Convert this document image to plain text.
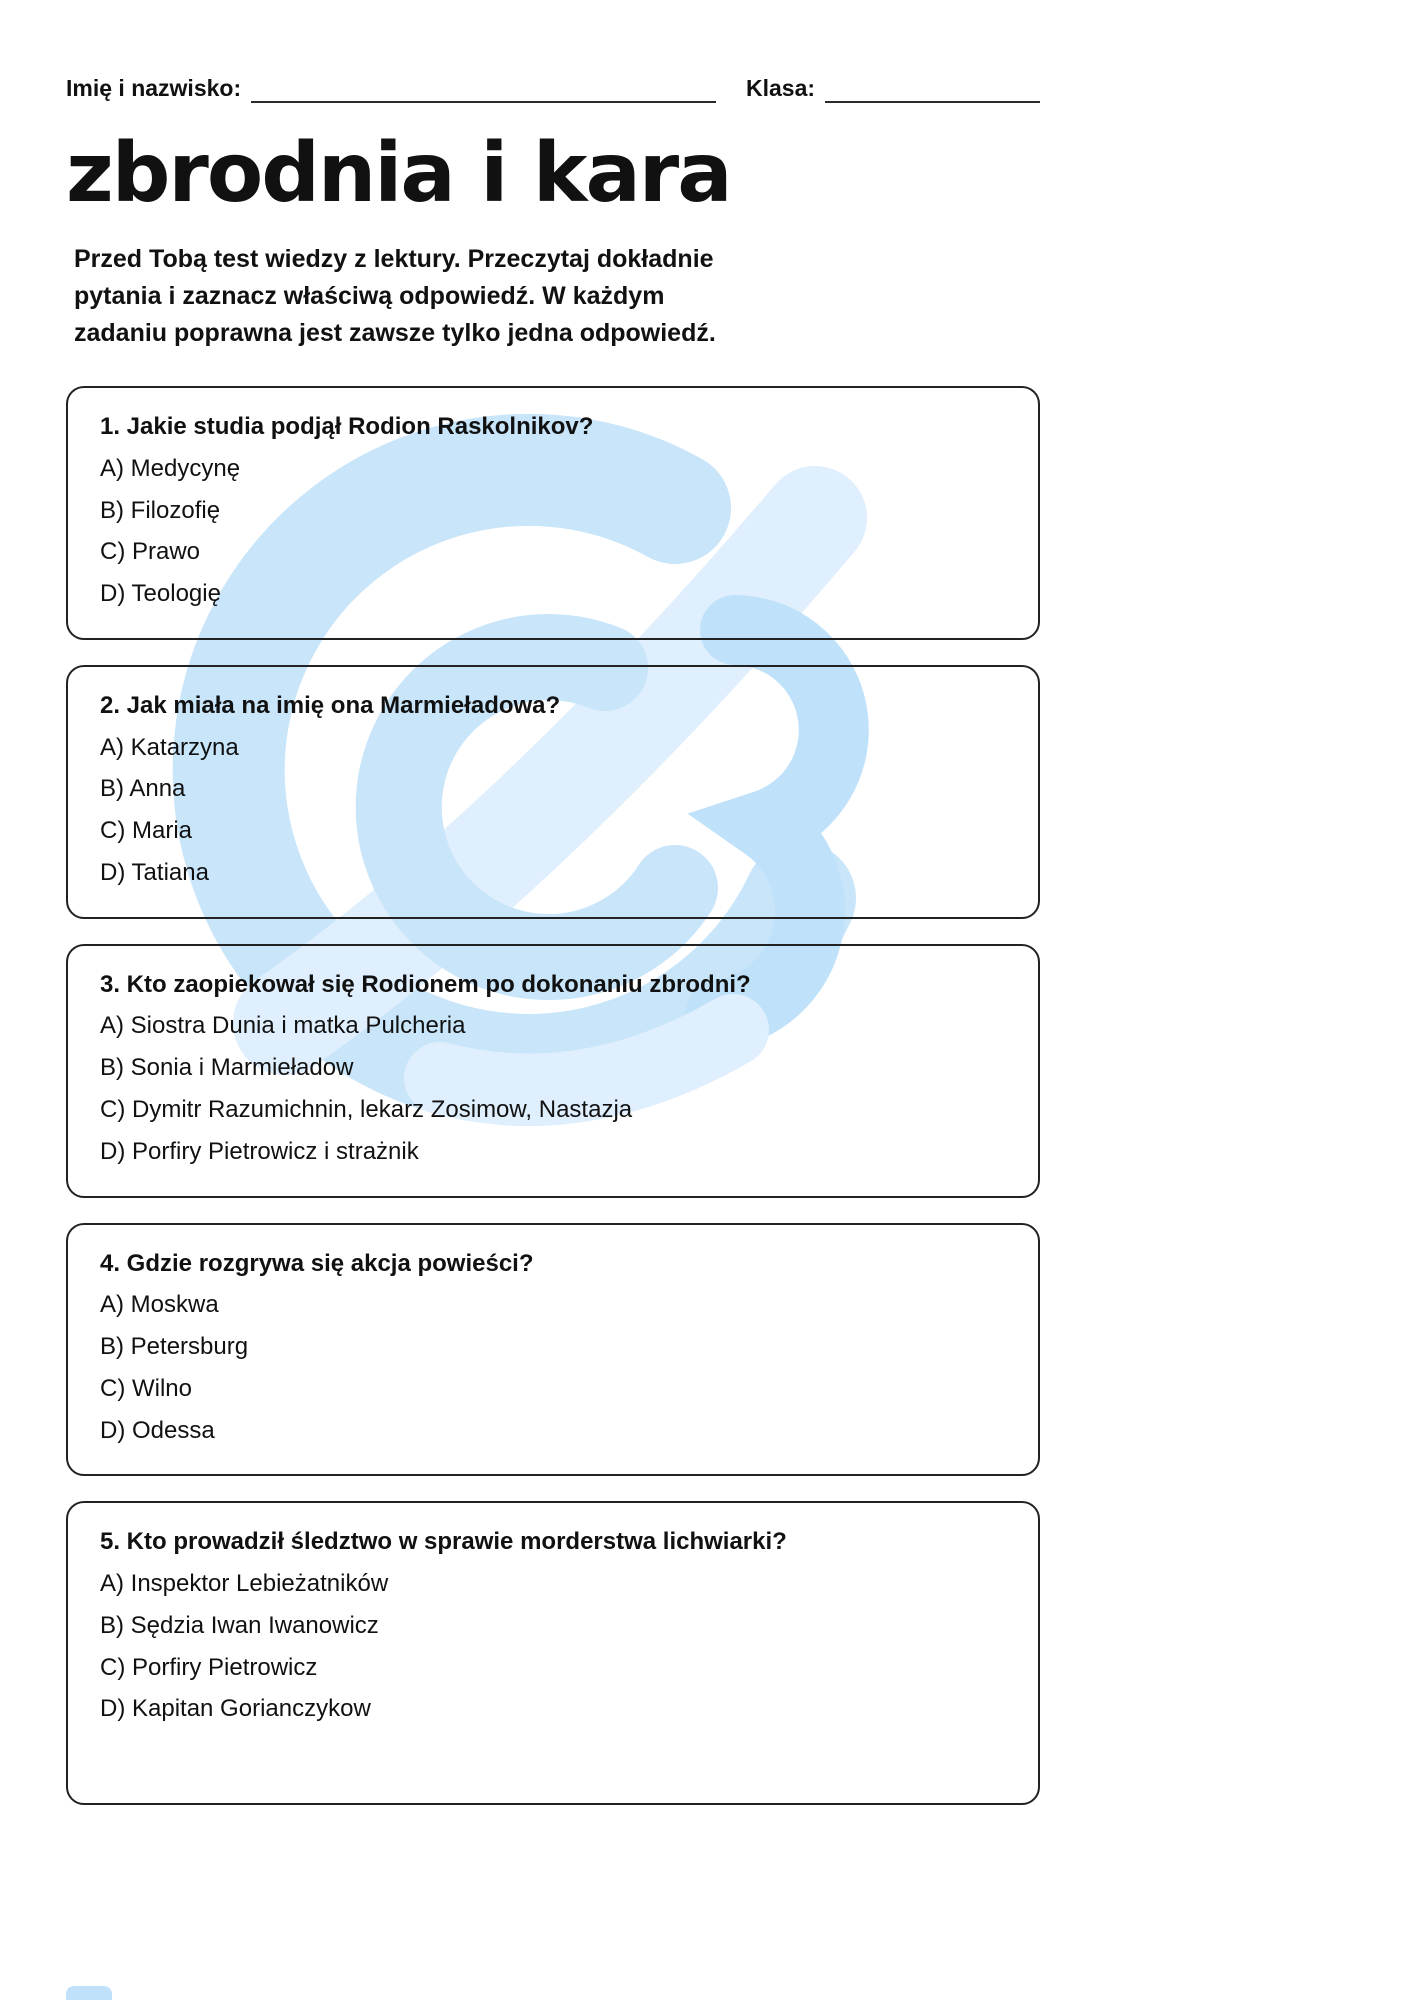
Imię i nazwisko:	Klasa:
zbrodnia i kara

Przed Tobą test wiedzy z lektury. Przeczytaj dokładnie pytania i zaznacz właściwą odpowiedź. W każdym zadaniu poprawna jest zawsze tylko jedna odpowiedź.

1. Jakie studia podjął Rodion Raskolnikov?
A) Medycynę
B) Filozofię
C) Prawo
D) Teologię
2. Jak miała na imię ona Marmieładowa?
A) Katarzyna
B) Anna
C) Maria
D) Tatiana
3. Kto zaopiekował się Rodionem po dokonaniu zbrodni?
A) Siostra Dunia i matka Pulcheria
B) Sonia i Marmieładow
C) Dymitr Razumichnin, lekarz Zosimow, Nastazja
D) Porfiry Pietrowicz i strażnik
4. Gdzie rozgrywa się akcja powieści?
A) Moskwa
B) Petersburg
C) Wilno
D) Odessa
5. Kto prowadził śledztwo w sprawie morderstwa lichwiarki?
A) Inspektor Lebieżatników
B) Sędzia Iwan Iwanowicz
C) Porfiry Pietrowicz
D) Kapitan Gorianczykow
